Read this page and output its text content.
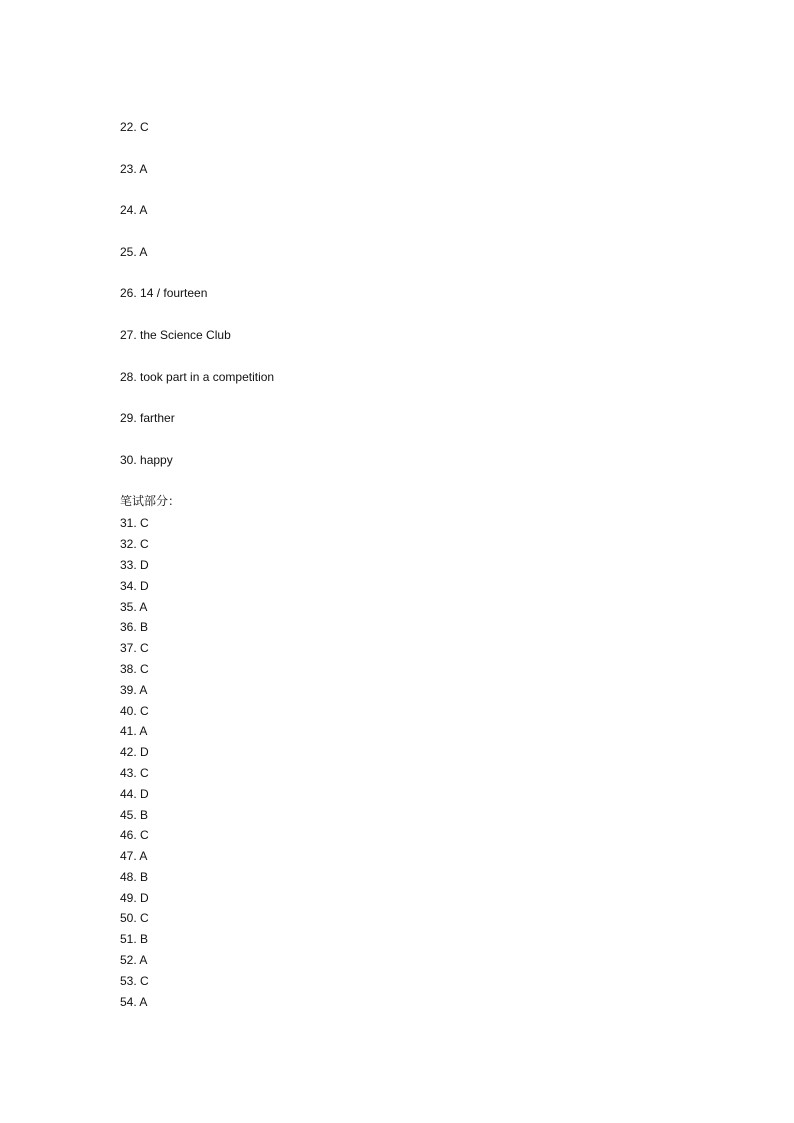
22. C
23. A
24. A
25. A
26. 14 / fourteen
27. the Science Club
28. took part in a competition
29. farther
30. happy
笔试部分：
31. C
32. C
33. D
34. D
35. A
36. B
37. C
38. C
39. A
40. C
41. A
42. D
43. C
44. D
45. B
46. C
47. A
48. B
49. D
50. C
51. B
52. A
53. C
54. A
